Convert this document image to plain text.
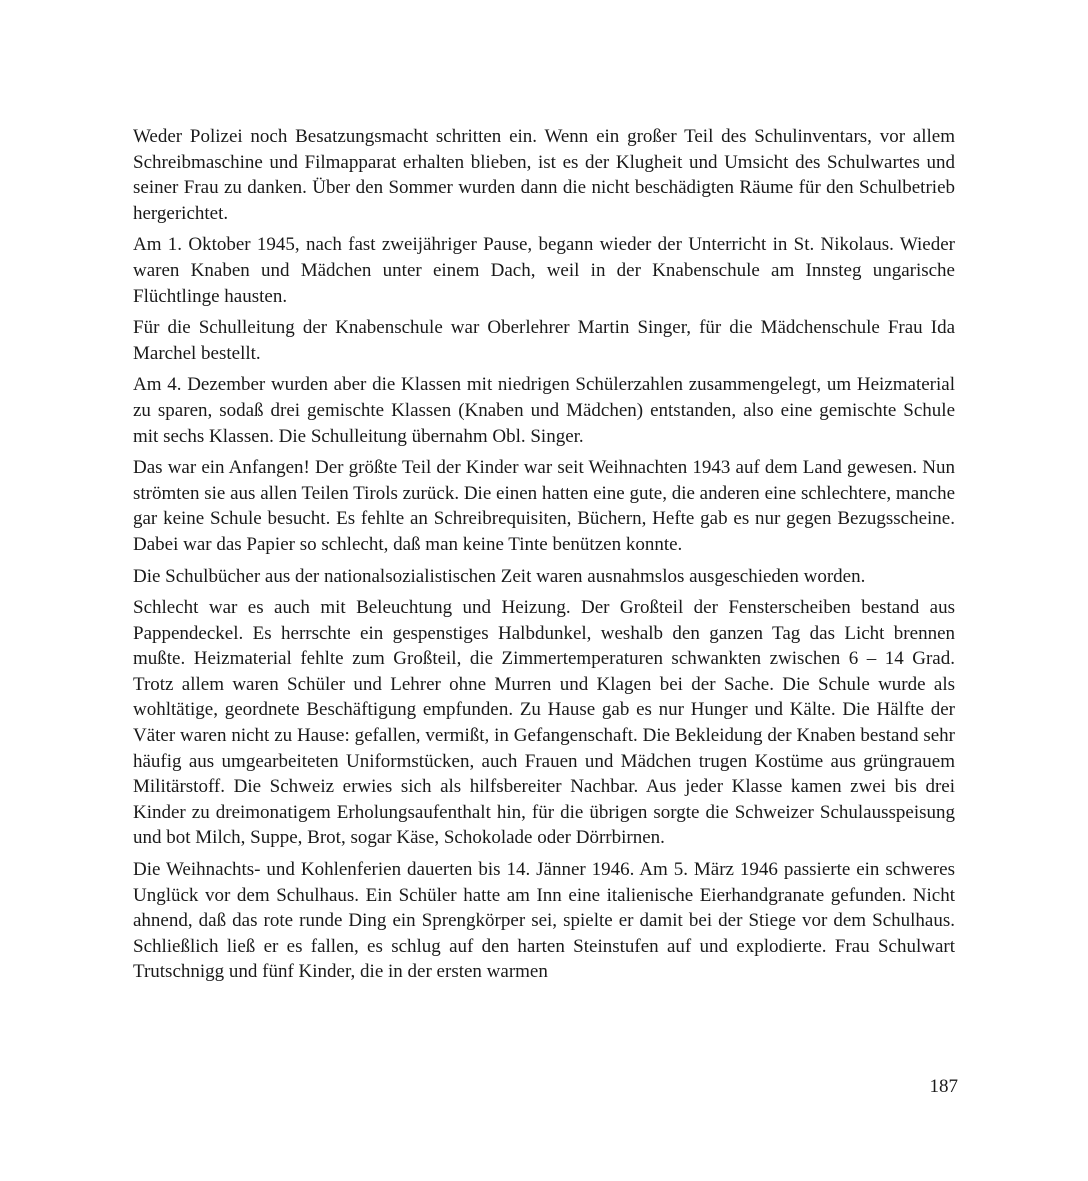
Weder Polizei noch Besatzungsmacht schritten ein. Wenn ein großer Teil des Schulinventars, vor allem Schreibmaschine und Filmapparat erhalten blieben, ist es der Klugheit und Umsicht des Schulwartes und seiner Frau zu danken. Über den Sommer wurden dann die nicht beschädigten Räume für den Schulbetrieb hergerichtet.

Am 1. Oktober 1945, nach fast zweijähriger Pause, begann wieder der Unterricht in St. Nikolaus. Wieder waren Knaben und Mädchen unter einem Dach, weil in der Knabenschule am Innsteg ungarische Flüchtlinge hausten.

Für die Schulleitung der Knabenschule war Oberlehrer Martin Singer, für die Mädchenschule Frau Ida Marchel bestellt.

Am 4. Dezember wurden aber die Klassen mit niedrigen Schülerzahlen zusammengelegt, um Heizmaterial zu sparen, sodaß drei gemischte Klassen (Knaben und Mädchen) entstanden, also eine gemischte Schule mit sechs Klassen. Die Schulleitung übernahm Obl. Singer.

Das war ein Anfangen! Der größte Teil der Kinder war seit Weihnachten 1943 auf dem Land gewesen. Nun strömten sie aus allen Teilen Tirols zurück. Die einen hatten eine gute, die anderen eine schlechtere, manche gar keine Schule besucht. Es fehlte an Schreibrequisiten, Büchern, Hefte gab es nur gegen Bezugsscheine. Dabei war das Papier so schlecht, daß man keine Tinte benützen konnte.

Die Schulbücher aus der nationalsozialistischen Zeit waren ausnahmslos ausgeschieden worden.

Schlecht war es auch mit Beleuchtung und Heizung. Der Großteil der Fensterscheiben bestand aus Pappendeckel. Es herrschte ein gespenstiges Halbdunkel, weshalb den ganzen Tag das Licht brennen mußte. Heizmaterial fehlte zum Großteil, die Zimmertemperaturen schwankten zwischen 6 – 14 Grad. Trotz allem waren Schüler und Lehrer ohne Murren und Klagen bei der Sache. Die Schule wurde als wohltätige, geordnete Beschäftigung empfunden. Zu Hause gab es nur Hunger und Kälte. Die Hälfte der Väter waren nicht zu Hause: gefallen, vermißt, in Gefangenschaft. Die Bekleidung der Knaben bestand sehr häufig aus umgearbeiteten Uniformstücken, auch Frauen und Mädchen trugen Kostüme aus grüngrauem Militärstoff. Die Schweiz erwies sich als hilfsbereiter Nachbar. Aus jeder Klasse kamen zwei bis drei Kinder zu dreimonatigem Erholungsaufenthalt hin, für die übrigen sorgte die Schweizer Schulausspeisung und bot Milch, Suppe, Brot, sogar Käse, Schokolade oder Dörrbirnen.

Die Weihnachts- und Kohlenferien dauerten bis 14. Jänner 1946. Am 5. März 1946 passierte ein schweres Unglück vor dem Schulhaus. Ein Schüler hatte am Inn eine italienische Eierhandgranate gefunden. Nicht ahnend, daß das rote runde Ding ein Sprengkörper sei, spielte er damit bei der Stiege vor dem Schulhaus. Schließlich ließ er es fallen, es schlug auf den harten Steinstufen auf und explodierte. Frau Schulwart Trutschnigg und fünf Kinder, die in der ersten warmen

187
